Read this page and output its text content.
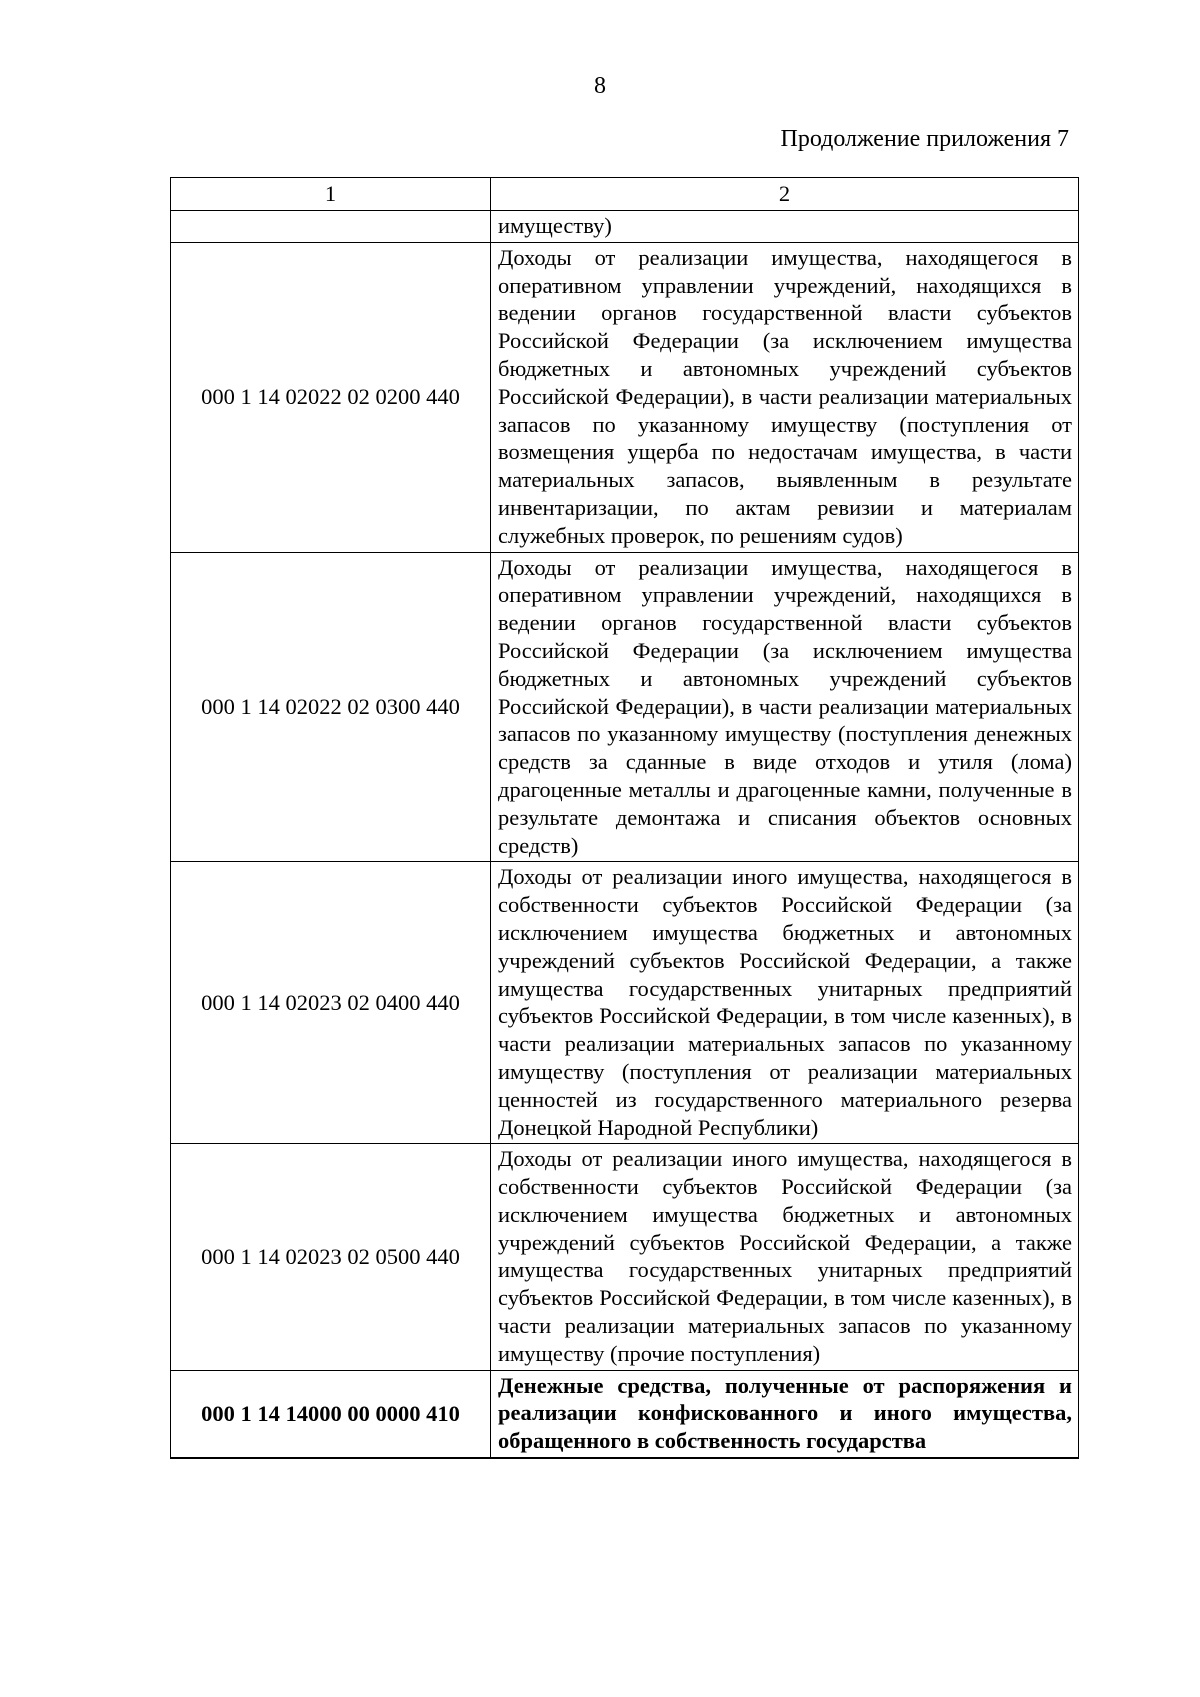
8
Продолжение приложения 7
1	2
	имуществу)
000 1 14 02022 02 0200 440	Доходы от реализации имущества, находящегося в оперативном управлении учреждений, находящихся в ведении органов государственной власти субъектов Российской Федерации (за исключением имущества бюджетных и автономных учреждений субъектов Российской Федерации), в части реализации материальных запасов по указанному имуществу (поступления от возмещения ущерба по недостачам имущества, в части материальных запасов, выявленным в результате инвентаризации, по актам ревизии и материалам служебных проверок, по решениям судов)
000 1 14 02022 02 0300 440	Доходы от реализации имущества, находящегося в оперативном управлении учреждений, находящихся в ведении органов государственной власти субъектов Российской Федерации (за исключением имущества бюджетных и автономных учреждений субъектов Российской Федерации), в части реализации материальных запасов по указанному имуществу (поступления денежных средств за сданные в виде отходов и утиля (лома) драгоценные металлы и драгоценные камни, полученные в результате демонтажа и списания объектов основных средств)
000 1 14 02023 02 0400 440	Доходы от реализации иного имущества, находящегося в собственности субъектов Российской Федерации (за исключением имущества бюджетных и автономных учреждений субъектов Российской Федерации, а также имущества государственных унитарных предприятий субъектов Российской Федерации, в том числе казенных), в части реализации материальных запасов по указанному имуществу (поступления от реализации материальных ценностей из государственного материального резерва Донецкой Народной Республики)
000 1 14 02023 02 0500 440	Доходы от реализации иного имущества, находящегося в собственности субъектов Российской Федерации (за исключением имущества бюджетных и автономных учреждений субъектов Российской Федерации, а также имущества государственных унитарных предприятий субъектов Российской Федерации, в том числе казенных), в части реализации материальных запасов по указанному имуществу (прочие поступления)
000 1 14 14000 00 0000 410	Денежные средства, полученные от распоряжения и реализации конфискованного и иного имущества, обращенного в собственность государства
